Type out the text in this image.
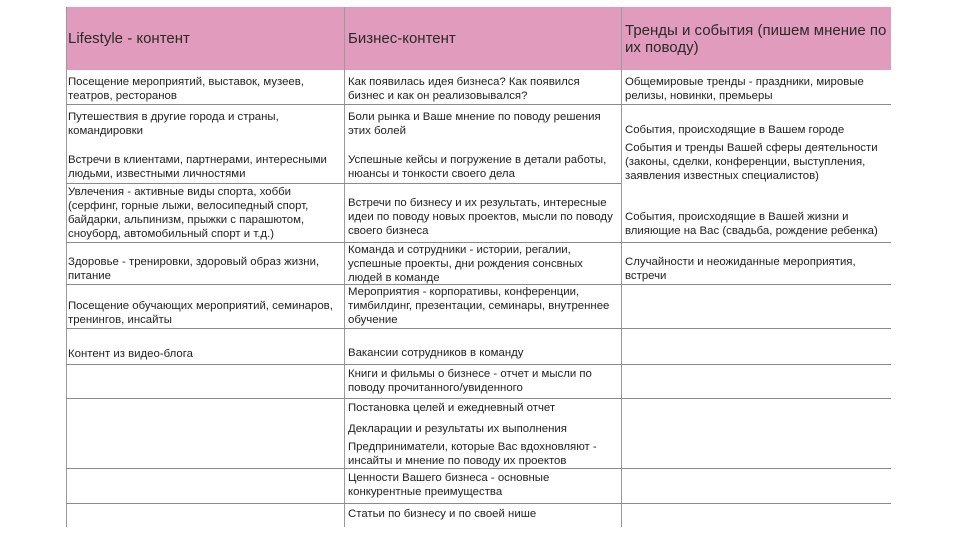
Lifestyle - контент	Бизнес-контент	Тренды и события (пишем мнение по
их поводу)
Посещение мероприятий, выставок, музеев,
театров, ресторанов
Путешествия в другие города и страны,
командировки
Встречи в клиентами, партнерами, интересными
людьми, известными личностями
Увлечения - активные виды спорта, хобби
(серфинг, горные лыжи, велосипедный спорт,
байдарки, альпинизм, прыжки с парашютом,
сноуборд, автомобильный спорт и т.д.)
Здоровье - тренировки, здоровый образ жизни,
питание
Посещение обучающих мероприятий, семинаров,
тренингов, инсайты
Контент из видео-блога
Как появилась идея бизнеса? Как появился
бизнес и как он реализовывался?
Боли рынка и Ваше мнение по поводу решения
этих болей
Успешные кейсы и погружение в детали работы,
нюансы и тонкости своего дела
Встречи по бизнесу и их результать, интересные
идеи по поводу новых проектов, мысли по поводу
своего бизнеса
Команда и сотрудники - истории, регалии,
успешные проекты, дни рождения сонсвных
людей в команде
Мероприятия - корпоративы, конференции,
тимбилдинг, презентации, семинары, внутреннее
обучение
Вакансии сотрудников в команду
Книги и фильмы о бизнесе - отчет и мысли по
поводу прочитанного/увиденного
Постановка целей и ежедневный отчет
Декларации и результаты их выполнения
Предприниматели, которые Вас вдохновляют -
инсайты и мнение по поводу их проектов
Ценности Вашего бизнеса - основные
конкурентные преимущества
Статьи по бизнесу и по своей нише
Общемировые тренды - праздники, мировые
релизы, новинки, премьеры
События, происходящие в Вашем городе
События и тренды Вашей сферы деятельности
(законы, сделки, конференции, выступления,
заявления известных специалистов)
События, происходящие в Вашей жизни и
влияющие на Вас (свадьба, рождение ребенка)
Случайности и неожиданные мероприятия,
встречи
